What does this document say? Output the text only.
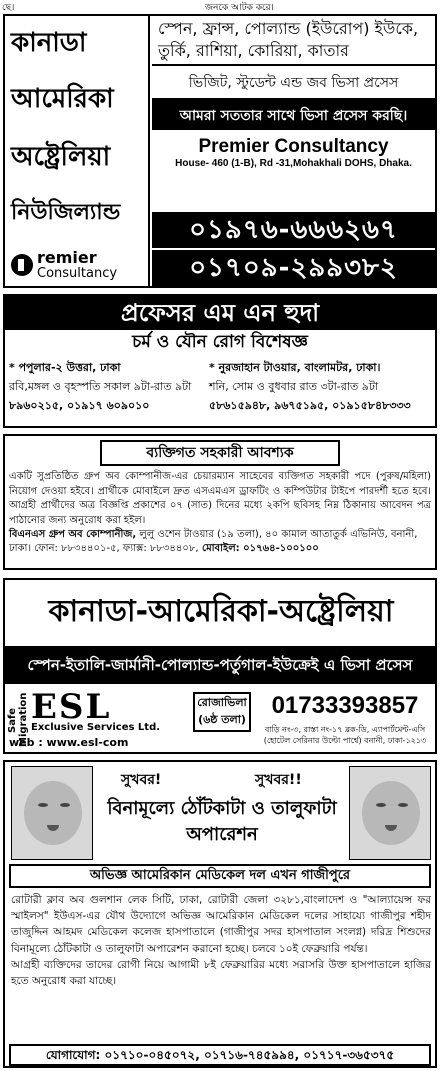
ছে।	জনকে আটক করে।
কানাডা
আমেরিকা
অষ্ট্রেলিয়া
নিউজিল্যান্ড
remier
Consultancy
স্পেন, ফ্রান্স, পোল্যান্ড (ইউরোপ) ইউকে, তুর্কি, রাশিয়া, কোরিয়া, কাতার
ভিজিট, স্টুডেন্ট এন্ড জব ভিসা প্রসেস
আমরা সততার সাথে ভিসা প্রসেস করছি।
Premier Consultancy
House- 460 (1-B), Rd -31,Mohakhali DOHS, Dhaka.
০১৯৭৬-৬৬৬২৬৭
০১৭০৯-২৯৯৩৮২
প্রফেসর এম এন হুদা
চর্ম ও যৌন রোগ বিশেষজ্ঞ
* পপুলার-২ উত্তরা, ঢাকা
রবি,মঙ্গল ও বৃহস্পতি সকাল ৯টা-রাত ৯টা
৮৯৬০২১৫, ০১৯১৭ ৬০৯০১০
* নুরজাহান টাওয়ার, বাংলামটর, ঢাকা।
শনি, সোম ও বুধবার রাত ৩টা-রাত ৯টা
৫৮৬১৫৯৪৮, ৯৬৭৫১৯৫, ০১৯১৫৮৪৮৩৩৩
ব্যক্তিগত সহকারী আবশ্যক
একটি সুপ্রতিষ্ঠিত গ্রুপ অব কোম্পানীজ-এর চেয়ারম্যান সাহেবের ব্যক্তিগত সহকারী পদে (পুরুষ/মহিলা) নিয়োগ দেওয়া হইবে। প্রার্থীকে মোবাইলে দ্রুত এসএমএস ড্রাফটিং ও কম্পিউটার টাইপে পারদর্শী হতে হবে। আগ্রহী প্রার্থীদের অত্র বিজ্ঞপ্তি প্রকাশের ০৭ (সাত) দিনের মধ্যে ২কপি ছবিসহ নিম্ন ঠিকানায় আবেদন পত্র পাঠানোর জন্য অনুরোধ করা হইল।
বিএনএস গ্রুপ অব কোম্পানীজ, লুলু ওশেন টাওয়ার (১৯ তলা), ৪০ কামাল আতাতুর্ক এভিনিউ, বনানী, ঢাকা। ফোন: ৮৮৩৪৪০১-৫, ফ্যাক্স: ৮৮৩৪৪০৮, মোবাইল: ০১৭৬৪-১০০১০০
কানাডা-আমেরিকা-অষ্ট্রেলিয়া
স্পেন-ইতালি-জার্মানী-পোল্যান্ড-পর্তুগাল-ইউক্রেই এ ভিসা প্রসেস
Safe Migration ESL
Exclusive Services Ltd.
web : www.esl-com
রোজাভিলা
(৬ষ্ঠ তলা)
01733393857
বাড়ি নং-৩, রাস্তা নং-১৭ ব্লক-ডি, এ্যাপার্টমেন্ট-এসি (হোটেল সেরিনার উল্টো পার্শ্বে) বনানী, ঢাকা-১২১৩
সুখবর!	সুখবর!!
বিনামূল্যে ঠোঁটকাটা ও তালুফাটা অপারেশন
অভিজ্ঞ আমেরিকান মেডিকেল দল এখন গাজীপুরে
রোটারী ক্লাব অব গুলশান লেক সিটি, ঢাকা, রোটারী জেলা ৩২৮১,বাংলাদেশ ও "আল্যায়েন্স ফর স্মাইলস" ইউএস-এর যৌথ উদ্যোগে অভিজ্ঞ আমেরিকান মেডিকেল দলের সাহায্যে গাজীপুর শহীদ তাজুদ্দিন আহমদ মেডিকেল কলেজ হাসপাতালে (গাজীপুর সদর হাসপাতাল সংলগ্ন) দরিদ্র শিশুদের বিনামূল্যে ঠোঁটকাটা ও তালুফাটা অপারেশন করানো হচ্ছে। চলবে ১০ই ফেব্রুয়ারি পর্যন্ত।
আগ্রহী ব্যক্তিদের তাদের রোগী নিয়ে আগামী ৮ই ফেব্রুয়ারির মধ্যে সরাসরি উক্ত হাসপাতালে হাজির হতে অনুরোধ করা যাচ্ছে।
যোগাযোগ: ০১৭১০-০৪৫০৭২, ০১৭১৬-৭৪৫৯৯৪, ০১৭১৭-৩৬৫৩৭৫
